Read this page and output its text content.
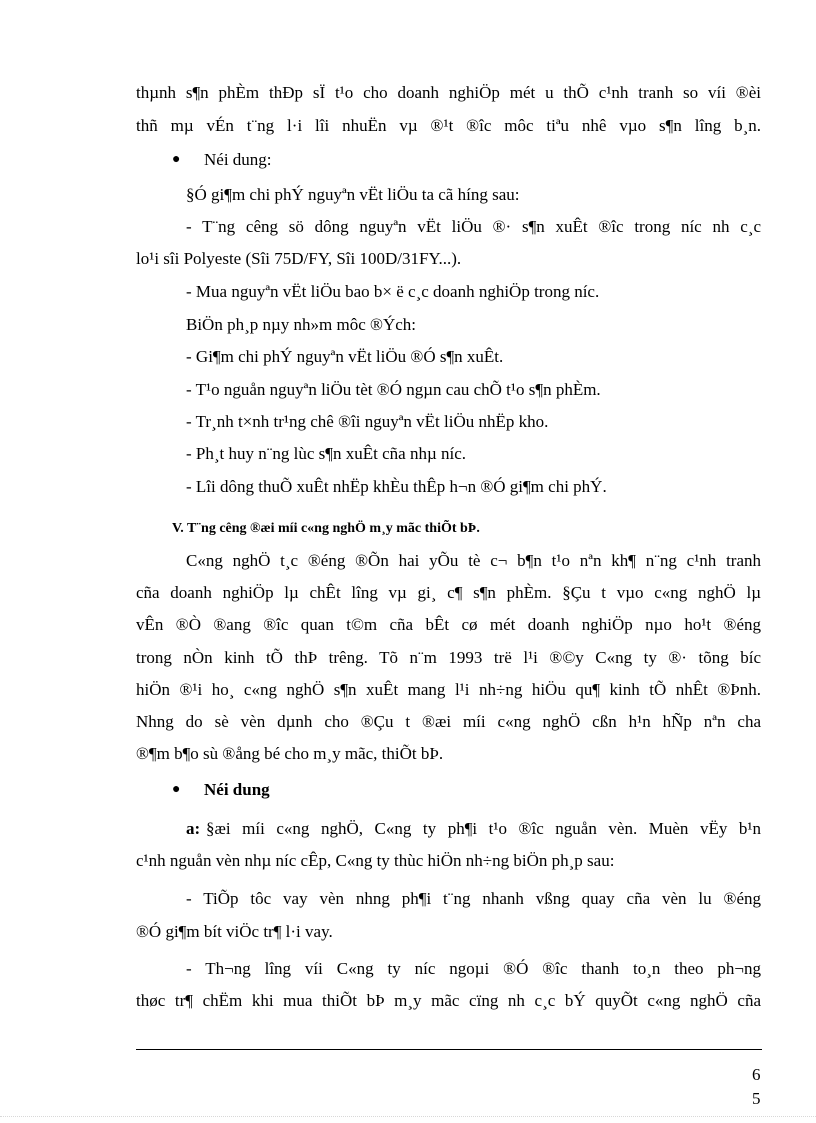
thµnh s¶n phÈm thÐp sÏ t¹o cho doanh nghiÖp mét u thÕ c¹nh tranh so víi ®èi
thñ mµ vÉn t¨ng l·i lîi nhuËn vµ ®¹t ®îc môc tiªu nhê vµo s¶n lîng b¸n.
● Néi dung:
§Ó gi¶m chi phÝ nguyªn vËt liÖu ta cã híng sau:
- T¨ng cêng sö dông nguyªn vËt liÖu ®· s¶n xuÊt ®îc trong níc nh c¸c
lo¹i sîi Polyeste (Sîi 75D/FY, Sîi 100D/31FY...).
- Mua nguyªn vËt liÖu bao b× ë c¸c doanh nghiÖp trong níc.
BiÖn ph¸p nµy nh»m môc ®Ých:
- Gi¶m chi phÝ nguyªn vËt liÖu ®Ó s¶n xuÊt.
- T¹o nguån nguyªn liÖu tèt ®Ó ngµn cau chÕ t¹o s¶n phÈm.
- Tr¸nh t×nh tr¹ng chê ®îi nguyªn vËt liÖu nhËp kho.
- Ph¸t huy n¨ng lùc s¶n xuÊt cña nhµ níc.
- Lîi dông thuÕ xuÊt nhËp khÈu thÊp h¬n ®Ó gi¶m chi phÝ.
V. T¨ng cêng ®æi míi c«ng nghÖ m¸y mãc thiÕt bÞ.
C«ng nghÖ t¸c ®éng ®Õn hai yÕu tè c¬ b¶n t¹o nªn kh¶ n¨ng c¹nh tranh
cña doanh nghiÖp lµ chÊt lîng vµ gi¸ c¶ s¶n phÈm. §Çu t vµo c«ng nghÖ lµ
vÊn ®Ò ®ang ®îc quan t©m cña bÊt cø mét doanh nghiÖp nµo ho¹t ®éng
trong nÒn kinh tÕ thÞ trêng. Tõ n¨m 1993 trë l¹i ®©y C«ng ty ®· tõng bíc
hiÖn ®¹i ho¸ c«ng nghÖ s¶n xuÊt mang l¹i nh÷ng hiÖu qu¶ kinh tÕ nhÊt ®Þnh.
Nhng do sè vèn dµnh cho ®Çu t ®æi míi c«ng nghÖ cßn h¹n hÑp nªn cha
®¶m b¶o sù ®ång bé cho m¸y mãc, thiÕt bÞ.
● Néi dung
a: §æi míi c«ng nghÖ, C«ng ty ph¶i t¹o ®îc nguån vèn. Muèn vËy b¹n
c¹nh nguån vèn nhµ níc cÊp, C«ng ty thùc hiÖn nh÷ng biÖn ph¸p sau:
- TiÕp tôc vay vèn nhng ph¶i t¨ng nhanh vßng quay cña vèn lu ®éng
®Ó gi¶m bít viÖc tr¶ l·i vay.
- Th¬ng lîng víi C«ng ty níc ngoµi ®Ó ®îc thanh to¸n theo ph¬ng
thøc tr¶ chËm khi mua thiÕt bÞ m¸y mãc cïng nh c¸c bÝ quyÕt c«ng nghÖ cña
6
5
